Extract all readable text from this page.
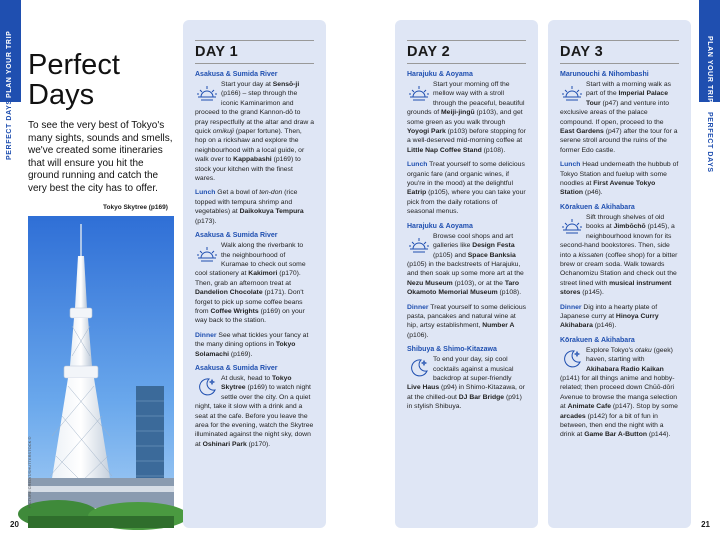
PLAN YOUR TRIP
PERFECT DAYS
PLAN YOUR TRIP
PERFECT DAYS
20	21
Perfect
Days
To see the very best of Tokyo's many sights, sounds and smells, we've created some itineraries that will ensure you hit the ground running and catch the very best the city has to offer.
Tokyo Skytree (p169)
PICTURE CREDIT/SHUTTERSTOCK ©
DAY 1
Asakusa & Sumida River
Start your day at Sensō-ji (p166) – step through the iconic Kaminarimon and proceed to the grand Kannon-dō to pray respectfully at the altar and draw a quick omikuji (paper fortune). Then, hop on a rickshaw and explore the neighbourhood with a local guide, or walk over to Kappabashi (p169) to stock your kitchen with the finest wares.
Lunch Get a bowl of ten-don (rice topped with tempura shrimp and vegetables) at Daikokuya Tempura (p173).
Asakusa & Sumida River
Walk along the riverbank to the neighbourhood of Kuramae to check out some cool stationery at Kakimori (p170). Then, grab an afternoon treat at Dandelion Chocolate (p171). Don't forget to pick up some coffee beans from Coffee Wrights (p169) on your way back to the station.
Dinner See what tickles your fancy at the many dining options in Tokyo Solamachi (p169).
Asakusa & Sumida River
At dusk, head to Tokyo Skytree (p169) to watch night settle over the city. On a quiet night, take it slow with a drink and a seat at the cafe. Before you leave the area for the evening, watch the Skytree illuminated against the night sky, down at Oshinari Park (p170).
DAY 2
Harajuku & Aoyama
Start your morning off the mellow way with a stroll through the peaceful, beautiful grounds of Meiji-jingū (p103), and get some green as you walk through Yoyogi Park (p103) before stopping for a well-deserved mid-morning coffee at Little Nap Coffee Stand (p108).
Lunch Treat yourself to some delicious organic fare (and organic wines, if you're in the mood) at the delightful Eatrip (p105), where you can take your pick from the daily rotations of seasonal menus.
Harajuku & Aoyama
Browse cool shops and art galleries like Design Festa (p105) and Space Banksia (p105) in the backstreets of Harajuku, and then soak up some more art at the Nezu Museum (p103), or at the Taro Okamoto Memorial Museum (p108).
Dinner Treat yourself to some delicious pasta, pancakes and natural wine at hip, artsy establishment, Number A (p106).
Shibuya & Shimo-Kitazawa
To end your day, sip cool cocktails against a musical backdrop at super-friendly Live Haus (p94) in Shimo-Kitazawa, or at the chilled-out DJ Bar Bridge (p91) in stylish Shibuya.
DAY 3
Marunouchi & Nihombashi
Start with a morning walk as part of the Imperial Palace Tour (p47) and venture into exclusive areas of the palace compound. If open, proceed to the East Gardens (p47) after the tour for a serene stroll around the ruins of the former Edo castle.
Lunch Head underneath the hubbub of Tokyo Station and fuelup with some noodles at First Avenue Tokyo Station (p46).
Kōrakuen & Akihabara
Sift through shelves of old books at Jimbōchō (p145), a neighbourhood known for its second-hand bookstores. Then, side into a kissaten (coffee shop) for a bitter brew or cream soda. Walk towards Ochanomizu Station and check out the street lined with musical instrument stores (p145).
Dinner Dig into a hearty plate of Japanese curry at Hinoya Curry Akihabara (p146).
Kōrakuen & Akihabara
Explore Tokyo's otaku (geek) haven, starting with Akihabara Radio Kaikan (p141) for all things anime and hobby-related; then proceed down Chūō-dōri Avenue to browse the manga selection at Animate Cafe (p147). Stop by some arcades (p142) for a bit of fun in between, then end the night with a drink at Game Bar A-Button (p144).
